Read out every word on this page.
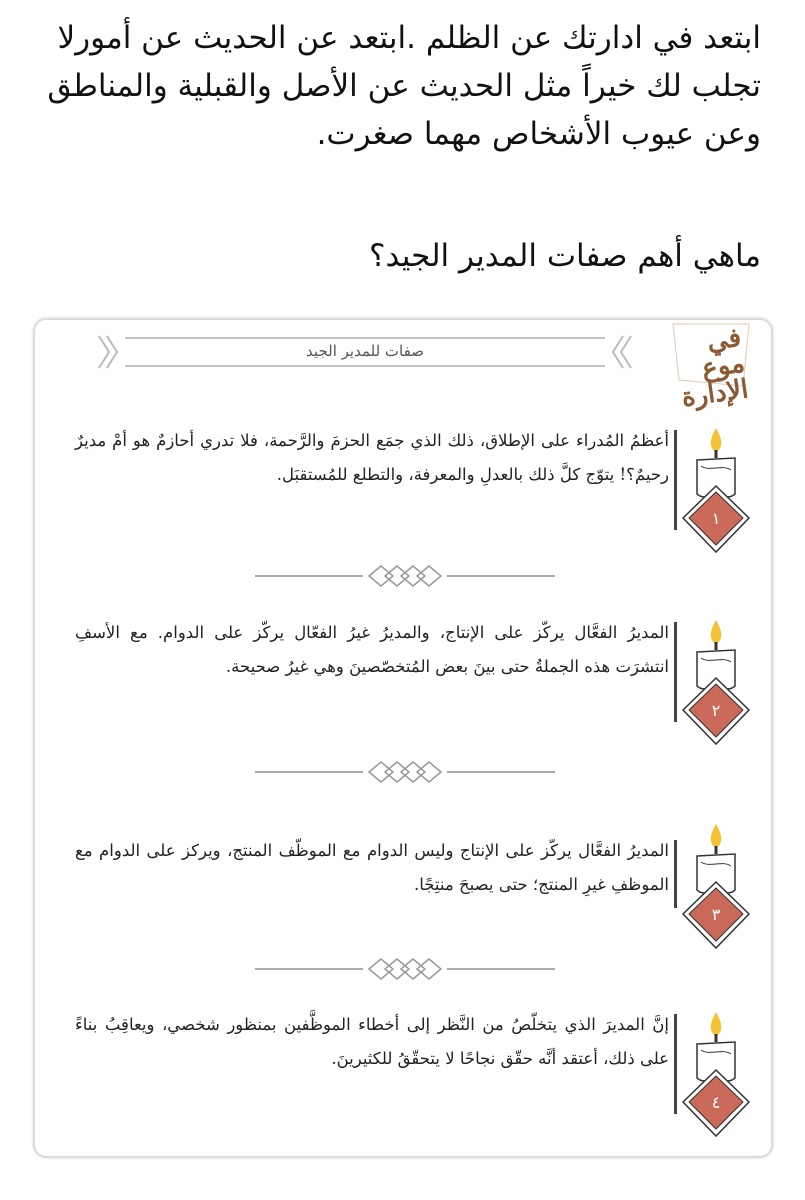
ابتعد في ادارتك عن الظلم .ابتعد عن الحديث عن أمورلا تجلب لك خيراً مثل الحديث عن الأصل والقبلية والمناطق وعن عيوب الأشخاص مهما صغرت.

ماهي أهم صفات المدير الجيد؟

صفات للمدير الجيد	في موع الإدارة
أعظمُ المُدراء على الإطلاق، ذلك الذي جمَع الحزمَ والرَّحمة، فلا تدري أحازمٌ هو أمْ مديرٌ رحيمٌ؟! يتوّج كلَّ ذلك بالعدلِ والمعرفة، والتطلع للمُستقبَل.
١
المديرُ الفعَّال يركّز على الإنتاج، والمديرُ غيرُ الفعّال يركّز على الدوام. مع الأسفِ انتشرَت هذه الجملةُ حتى بينَ بعض المُتخصّصينَ وهي غيرُ صحيحة.
٢
المديرُ الفعَّال يركّز على الإنتاج وليس الدوام مع الموظّف المنتج، ويركز على الدوام مع الموظفِ غيرِ المنتج؛ حتى يصبحَ منتِجًا.
٣
إنَّ المديرَ الذي يتخلّصُ من النَّظر إلى أخطاء الموظَّفين بمنظور شخصي، ويعاقِبُ بناءً على ذلك، أعتقد أنَّه حقّق نجاحًا لا يتحقّقُ للكثيرينَ.
٤
